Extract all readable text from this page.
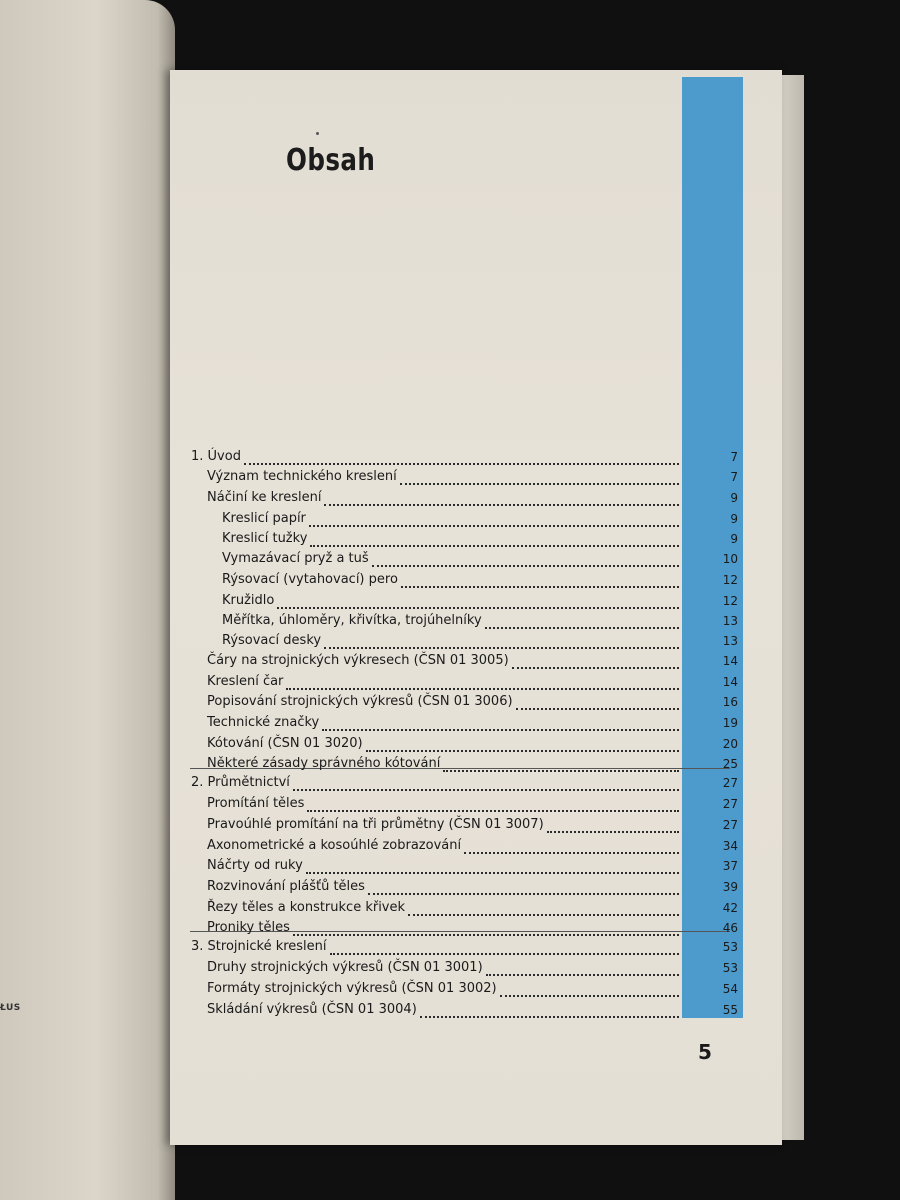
ŁUS
Obsah
1. Úvod	7
Význam technického kreslení	7
Náčiní ke kreslení	9
Kreslicí papír	9
Kreslicí tužky	9
Vymazávací pryž a tuš	10
Rýsovací (vytahovací) pero	12
Kružidlo	12
Měřítka, úhloměry, křivítka, trojúhelníky	13
Rýsovací desky	13
Čáry na strojnických výkresech (ČSN 01 3005)	14
Kreslení čar	14
Popisování strojnických výkresů (ČSN 01 3006)	16
Technické značky	19
Kótování (ČSN 01 3020)	20
Některé zásady správného kótování	25
2. Průmětnictví	27
Promítání těles	27
Pravoúhlé promítání na tři průmětny (ČSN 01 3007)	27
Axonometrické a kosoúhlé zobrazování	34
Náčrty od ruky	37
Rozvinování plášťů těles	39
Řezy těles a konstrukce křivek	42
Proniky těles	46
3. Strojnické kreslení	53
Druhy strojnických výkresů (ČSN 01 3001)	53
Formáty strojnických výkresů (ČSN 01 3002)	54
Skládání výkresů (ČSN 01 3004)	55
5
